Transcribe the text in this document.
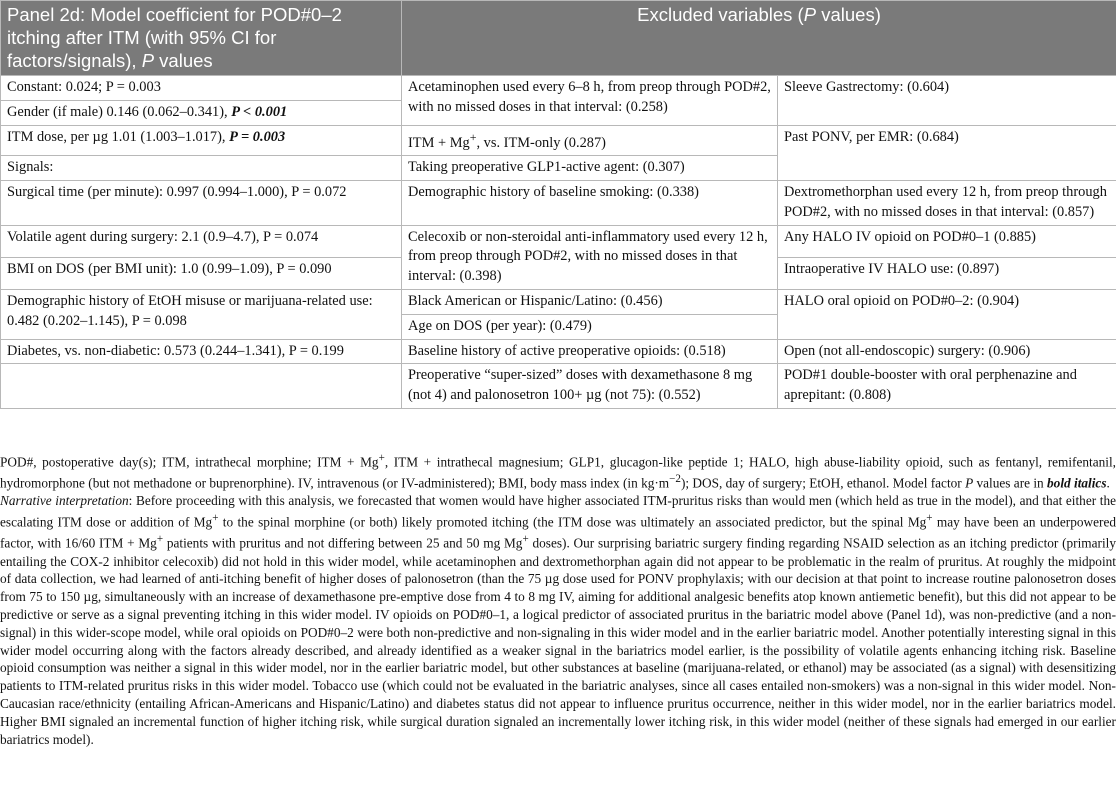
Panel 2d: Model coefficient for POD#0–2 itching after ITM (with 95% CI for factors/signals), P values	Excluded variables (P values)	
Constant: 0.024; P = 0.003	Acetaminophen used every 6–8 h, from preop through POD#2, with no missed doses in that interval: (0.258)	Sleeve Gastrectomy: (0.604)
Gender (if male) 0.146 (0.062–0.341), P < 0.001		
ITM dose, per µg 1.01 (1.003–1.017), P = 0.003	ITM + Mg+, vs. ITM-only (0.287)	Past PONV, per EMR: (0.684)
Signals:	Taking preoperative GLP1-active agent: (0.307)	
Surgical time (per minute): 0.997 (0.994–1.000), P = 0.072	Demographic history of baseline smoking: (0.338)	Dextromethorphan used every 12 h, from preop through POD#2, with no missed doses in that interval: (0.857)
Volatile agent during surgery: 2.1 (0.9–4.7), P = 0.074	Celecoxib or non-steroidal anti-inflammatory used every 12 h, from preop through POD#2, with no missed doses in that interval: (0.398)	Any HALO IV opioid on POD#0–1 (0.885)
BMI on DOS (per BMI unit): 1.0 (0.99–1.09), P = 0.090		Intraoperative IV HALO use: (0.897)
Demographic history of EtOH misuse or marijuana-related use: 0.482 (0.202–1.145), P = 0.098	Black American or Hispanic/Latino: (0.456)	HALO oral opioid on POD#0–2: (0.904)
	Age on DOS (per year): (0.479)	
Diabetes, vs. non-diabetic: 0.573 (0.244–1.341), P = 0.199	Baseline history of active preoperative opioids: (0.518)	Open (not all-endoscopic) surgery: (0.906)
	Preoperative “super-sized” doses with dexamethasone 8 mg (not 4) and palonosetron 100+ µg (not 75): (0.552)	POD#1 double-booster with oral perphenazine and aprepitant: (0.808)

POD#, postoperative day(s); ITM, intrathecal morphine; ITM + Mg+, ITM + intrathecal magnesium; GLP1, glucagon-like peptide 1; HALO, high abuse-liability opioid, such as fentanyl, remifentanil, hydromorphone (but not methadone or buprenorphine). IV, intravenous (or IV-administered); BMI, body mass index (in $kg\cdot m^{-2}$); DOS, day of surgery; EtOH, ethanol. Model factor P values are in bold italics.

Narrative interpretation: Before proceeding with this analysis, we forecasted that women would have higher associated ITM-pruritus risks than would men (which held as true in the model), and that either the escalating ITM dose or addition of Mg+ to the spinal morphine (or both) likely promoted itching (the ITM dose was ultimately an associated predictor, but the spinal Mg+ may have been an underpowered factor, with 16/60 ITM + Mg+ patients with pruritus and not differing between 25 and 50 mg Mg+ doses). Our surprising bariatric surgery finding regarding NSAID selection as an itching predictor (primarily entailing the COX-2 inhibitor celecoxib) did not hold in this wider model, while acetaminophen and dextromethorphan again did not appear to be problematic in the realm of pruritus. At roughly the midpoint of data collection, we had learned of anti-itching benefit of higher doses of palonosetron (than the 75 µg dose used for PONV prophylaxis; with our decision at that point to increase routine palonosetron doses from 75 to 150 µg, simultaneously with an increase of dexamethasone pre-emptive dose from 4 to 8 mg IV, aiming for additional analgesic benefits atop known antiemetic benefit), but this did not appear to be predictive or serve as a signal preventing itching in this wider model. IV opioids on POD#0–1, a logical predictor of associated pruritus in the bariatric model above (Panel 1d), was non-predictive (and a non-signal) in this wider-scope model, while oral opioids on POD#0–2 were both non-predictive and non-signaling in this wider model and in the earlier bariatric model. Another potentially interesting signal in this wider model occurring along with the factors already described, and already identified as a weaker signal in the bariatrics model earlier, is the possibility of volatile agents enhancing itching risk. Baseline opioid consumption was neither a signal in this wider model, nor in the earlier bariatric model, but other substances at baseline (marijuana-related, or ethanol) may be associated (as a signal) with desensitizing patients to ITM-related pruritus risks in this wider model. Tobacco use (which could not be evaluated in the bariatric analyses, since all cases entailed non-smokers) was a non-signal in this wider model. Non-Caucasian race/ethnicity (entailing African-Americans and Hispanic/Latino) and diabetes status did not appear to influence pruritus occurrence, neither in this wider model, nor in the earlier bariatrics model. Higher BMI signaled an incremental function of higher itching risk, while surgical duration signaled an incrementally lower itching risk, in this wider model (neither of these signals had emerged in our earlier bariatrics model).
